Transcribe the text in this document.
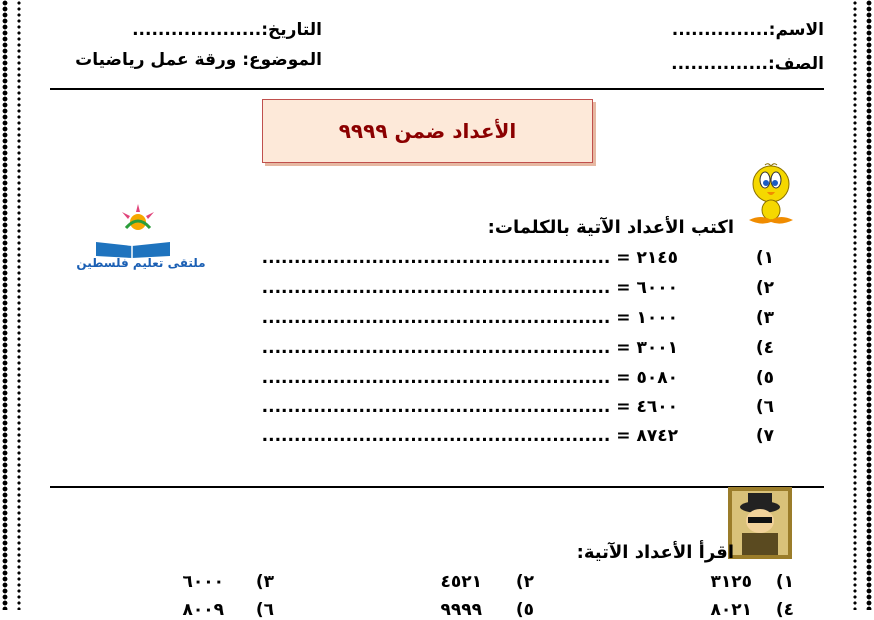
الاسم:...............
التاريخ:....................
الصف:...............
الموضوع: ورقة عمل رياضيات
الأعداد ضمن ٩٩٩٩
اكتب الأعداد الآتية بالكلمات:
ملتقى تعليم فلسطين	١)
٢١٤٥ = ......................................................
٢)
٦٠٠٠ = ......................................................
٣)
١٠٠٠ = ......................................................
٤)
٣٠٠١ = ......................................................
٥)
٥٠٨٠ = ......................................................
٦)
٤٦٠٠ = ......................................................
٧)
٨٧٤٢ = ......................................................
اقرأ الأعداد الآتية:
١)
٣١٢٥
٢)
٤٥٢١
٣)
٦٠٠٠
٤)
٨٠٢١
٥)
٩٩٩٩
٦)
٨٠٠٩
